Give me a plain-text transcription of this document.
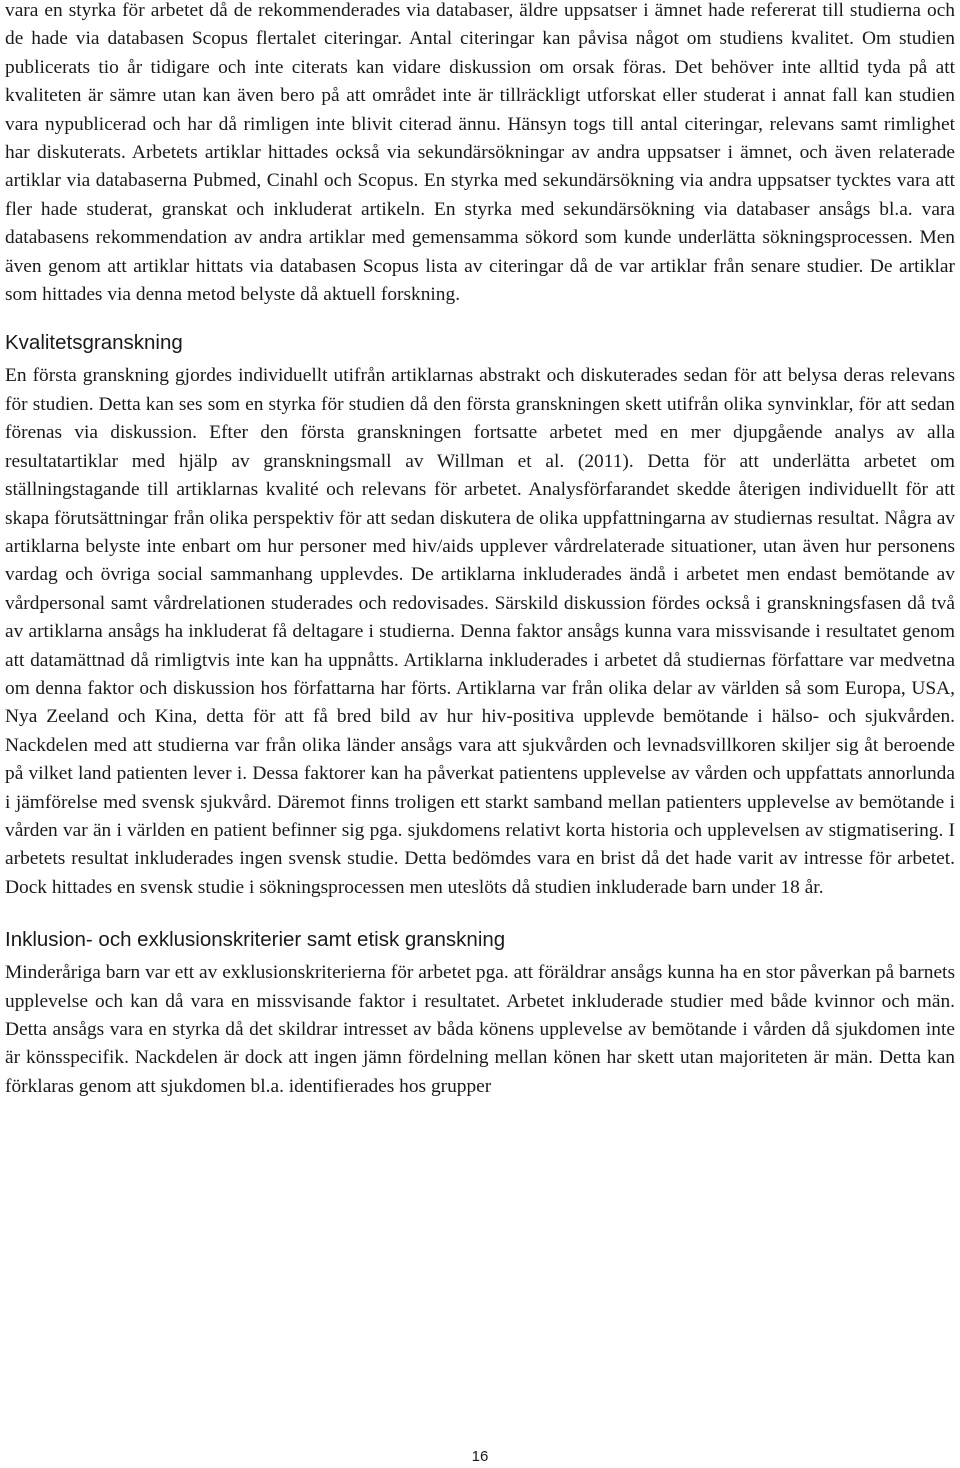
vara en styrka för arbetet då de rekommenderades via databaser, äldre uppsatser i ämnet hade refererat till studierna och de hade via databasen Scopus flertalet citeringar. Antal citeringar kan påvisa något om studiens kvalitet. Om studien publicerats tio år tidigare och inte citerats kan vidare diskussion om orsak föras. Det behöver inte alltid tyda på att kvaliteten är sämre utan kan även bero på att området inte är tillräckligt utforskat eller studerat i annat fall kan studien vara nypublicerad och har då rimligen inte blivit citerad ännu. Hänsyn togs till antal citeringar, relevans samt rimlighet har diskuterats. Arbetets artiklar hittades också via sekundärsökningar av andra uppsatser i ämnet, och även relaterade artiklar via databaserna Pubmed, Cinahl och Scopus. En styrka med sekundärsökning via andra uppsatser tycktes vara att fler hade studerat, granskat och inkluderat artikeln. En styrka med sekundärsökning via databaser ansågs bl.a. vara databasens rekommendation av andra artiklar med gemensamma sökord som kunde underlätta sökningsprocessen. Men även genom att artiklar hittats via databasen Scopus lista av citeringar då de var artiklar från senare studier. De artiklar som hittades via denna metod belyste då aktuell forskning.

Kvalitetsgranskning

En första granskning gjordes individuellt utifrån artiklarnas abstrakt och diskuterades sedan för att belysa deras relevans för studien. Detta kan ses som en styrka för studien då den första granskningen skett utifrån olika synvinklar, för att sedan förenas via diskussion. Efter den första granskningen fortsatte arbetet med en mer djupgående analys av alla resultatartiklar med hjälp av granskningsmall av Willman et al. (2011). Detta för att underlätta arbetet om ställningstagande till artiklarnas kvalité och relevans för arbetet. Analysförfarandet skedde återigen individuellt för att skapa förutsättningar från olika perspektiv för att sedan diskutera de olika uppfattningarna av studiernas resultat. Några av artiklarna belyste inte enbart om hur personer med hiv/aids upplever vårdrelaterade situationer, utan även hur personens vardag och övriga social sammanhang upplevdes. De artiklarna inkluderades ändå i arbetet men endast bemötande av vårdpersonal samt vårdrelationen studerades och redovisades. Särskild diskussion fördes också i granskningsfasen då två av artiklarna ansågs ha inkluderat få deltagare i studierna. Denna faktor ansågs kunna vara missvisande i resultatet genom att datamättnad då rimligtvis inte kan ha uppnåtts. Artiklarna inkluderades i arbetet då studiernas författare var medvetna om denna faktor och diskussion hos författarna har förts. Artiklarna var från olika delar av världen så som Europa, USA, Nya Zeeland och Kina, detta för att få bred bild av hur hiv-positiva upplevde bemötande i hälso- och sjukvården. Nackdelen med att studierna var från olika länder ansågs vara att sjukvården och levnadsvillkoren skiljer sig åt beroende på vilket land patienten lever i. Dessa faktorer kan ha påverkat patientens upplevelse av vården och uppfattats annorlunda i jämförelse med svensk sjukvård. Däremot finns troligen ett starkt samband mellan patienters upplevelse av bemötande i vården var än i världen en patient befinner sig pga. sjukdomens relativt korta historia och upplevelsen av stigmatisering. I arbetets resultat inkluderades ingen svensk studie. Detta bedömdes vara en brist då det hade varit av intresse för arbetet. Dock hittades en svensk studie i sökningsprocessen men uteslöts då studien inkluderade barn under 18 år.

Inklusion- och exklusionskriterier samt etisk granskning

Minderåriga barn var ett av exklusionskriterierna för arbetet pga. att föräldrar ansågs kunna ha en stor påverkan på barnets upplevelse och kan då vara en missvisande faktor i resultatet. Arbetet inkluderade studier med både kvinnor och män. Detta ansågs vara en styrka då det skildrar intresset av båda könens upplevelse av bemötande i vården då sjukdomen inte är könsspecifik. Nackdelen är dock att ingen jämn fördelning mellan könen har skett utan majoriteten är män. Detta kan förklaras genom att sjukdomen bl.a. identifierades hos grupper

16
